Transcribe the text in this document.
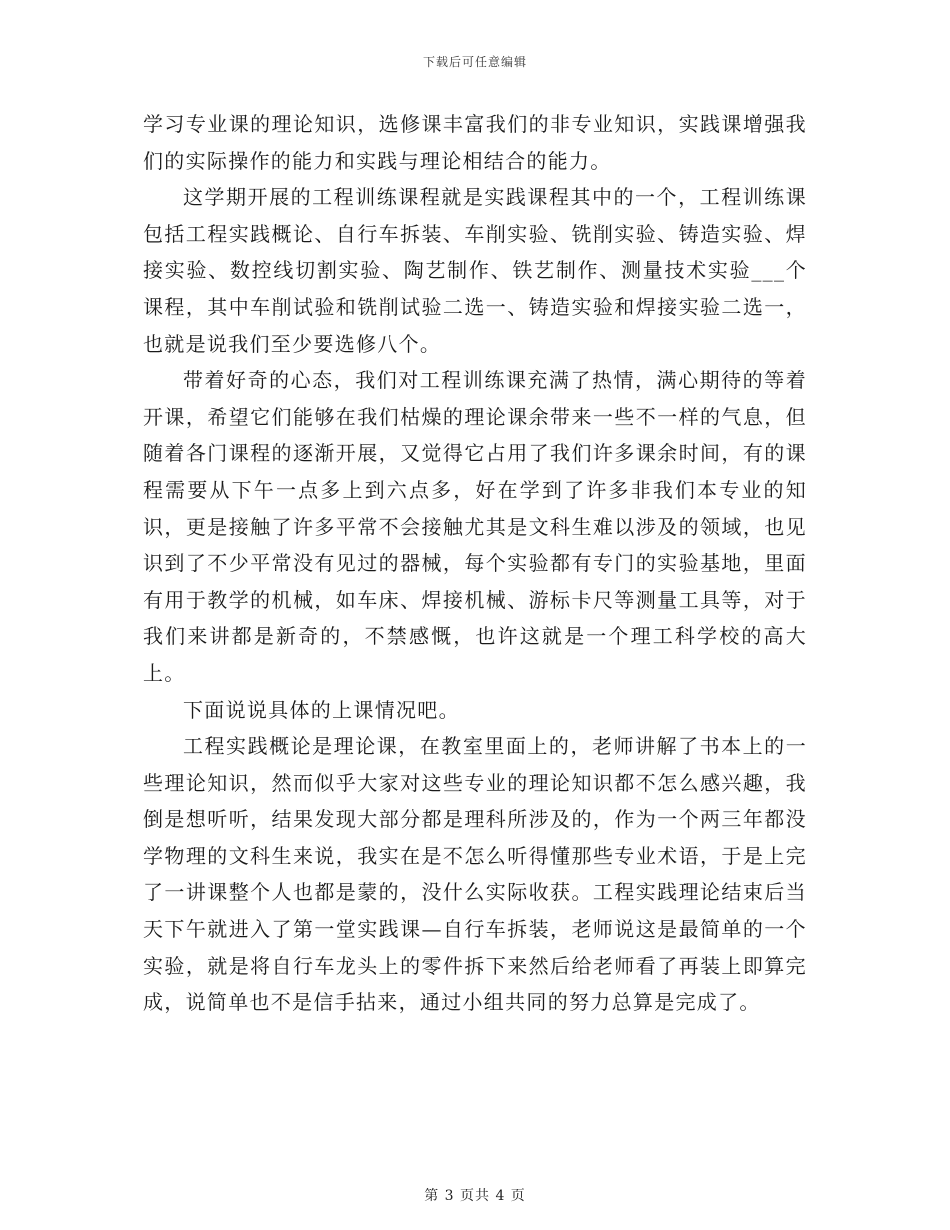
下载后可任意编辑

学习专业课的理论知识，选修课丰富我们的非专业知识，实践课增强我们的实际操作的能力和实践与理论相结合的能力。

这学期开展的工程训练课程就是实践课程其中的一个，工程训练课包括工程实践概论、自行车拆装、车削实验、铣削实验、铸造实验、焊接实验、数控线切割实验、陶艺制作、铁艺制作、测量技术实验___个课程，其中车削试验和铣削试验二选一、铸造实验和焊接实验二选一，也就是说我们至少要选修八个。

带着好奇的心态，我们对工程训练课充满了热情，满心期待的等着开课，希望它们能够在我们枯燥的理论课余带来一些不一样的气息，但随着各门课程的逐渐开展，又觉得它占用了我们许多课余时间，有的课程需要从下午一点多上到六点多，好在学到了许多非我们本专业的知识，更是接触了许多平常不会接触尤其是文科生难以涉及的领域，也见识到了不少平常没有见过的器械，每个实验都有专门的实验基地，里面有用于教学的机械，如车床、焊接机械、游标卡尺等测量工具等，对于我们来讲都是新奇的，不禁感慨，也许这就是一个理工科学校的高大上。

下面说说具体的上课情况吧。

工程实践概论是理论课，在教室里面上的，老师讲解了书本上的一些理论知识，然而似乎大家对这些专业的理论知识都不怎么感兴趣，我倒是想听听，结果发现大部分都是理科所涉及的，作为一个两三年都没学物理的文科生来说，我实在是不怎么听得懂那些专业术语，于是上完了一讲课整个人也都是蒙的，没什么实际收获。工程实践理论结束后当天下午就进入了第一堂实践课—自行车拆装，老师说这是最简单的一个实验，就是将自行车龙头上的零件拆下来然后给老师看了再装上即算完成，说简单也不是信手拈来，通过小组共同的努力总算是完成了。

第 3 页共 4 页
